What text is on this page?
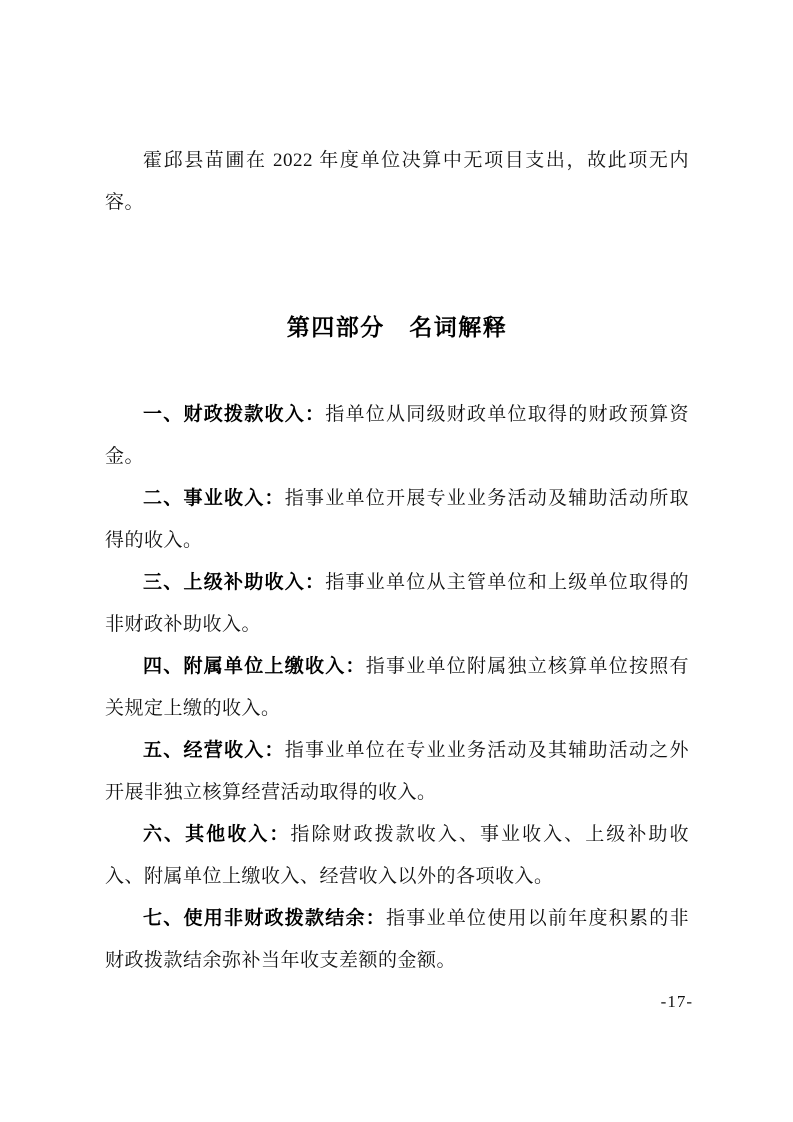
霍邱县苗圃在 2022 年度单位决算中无项目支出，故此项无内容。

第四部分　名词解释

一、财政拨款收入：指单位从同级财政单位取得的财政预算资金。

二、事业收入：指事业单位开展专业业务活动及辅助活动所取得的收入。

三、上级补助收入：指事业单位从主管单位和上级单位取得的非财政补助收入。

四、附属单位上缴收入：指事业单位附属独立核算单位按照有关规定上缴的收入。

五、经营收入：指事业单位在专业业务活动及其辅助活动之外开展非独立核算经营活动取得的收入。

六、其他收入：指除财政拨款收入、事业收入、上级补助收入、附属单位上缴收入、经营收入以外的各项收入。

七、使用非财政拨款结余：指事业单位使用以前年度积累的非财政拨款结余弥补当年收支差额的金额。

-17-
